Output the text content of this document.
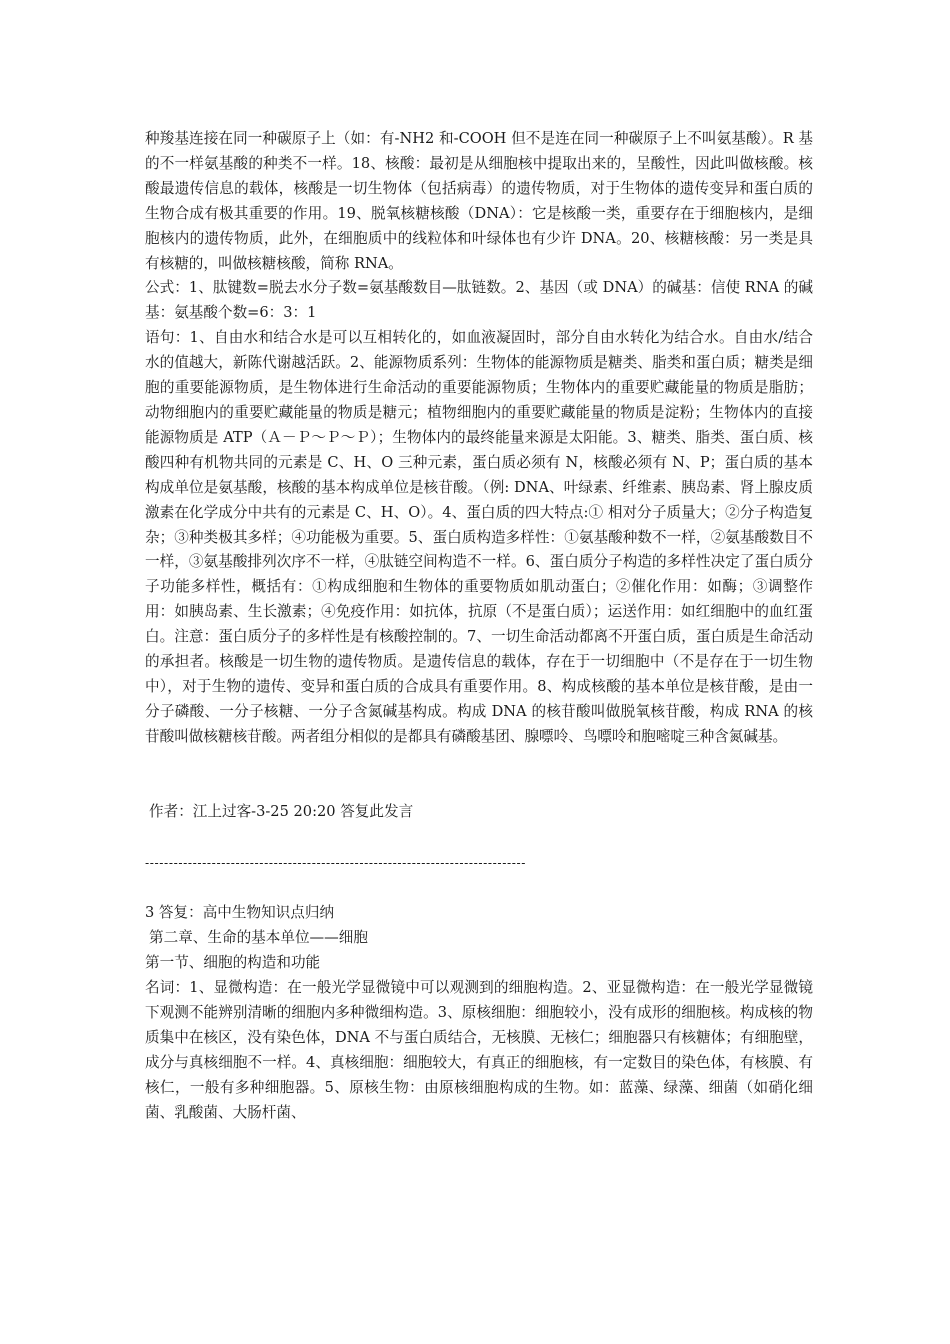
种羧基连接在同一种碳原子上（如：有-NH2 和-COOH 但不是连在同一种碳原子上不叫氨基酸）。R 基的不一样氨基酸的种类不一样。18、核酸：最初是从细胞核中提取出来的，呈酸性，因此叫做核酸。核酸最遗传信息的载体，核酸是一切生物体（包括病毒）的遗传物质，对于生物体的遗传变异和蛋白质的生物合成有极其重要的作用。19、脱氧核糖核酸（DNA）：它是核酸一类，重要存在于细胞核内，是细胞核内的遗传物质，此外，在细胞质中的线粒体和叶绿体也有少许 DNA。20、核糖核酸：另一类是具有核糖的，叫做核糖核酸，简称 RNA。

公式：1、肽键数=脱去水分子数=氨基酸数目—肽链数。2、基因（或 DNA）的碱基：信使 RNA 的碱基：氨基酸个数=6：3：1

语句：1、自由水和结合水是可以互相转化的，如血液凝固时，部分自由水转化为结合水。自由水/结合水的值越大，新陈代谢越活跃。2、能源物质系列：生物体的能源物质是糖类、脂类和蛋白质；糖类是细胞的重要能源物质，是生物体进行生命活动的重要能源物质；生物体内的重要贮藏能量的物质是脂肪；动物细胞内的重要贮藏能量的物质是糖元；植物细胞内的重要贮藏能量的物质是淀粉；生物体内的直接能源物质是 ATP（Ａ－Ｐ～Ｐ～Ｐ）；生物体内的最终能量来源是太阳能。3、糖类、脂类、蛋白质、核酸四种有机物共同的元素是 C、H、O 三种元素，蛋白质必须有 N，核酸必须有 N、P；蛋白质的基本构成单位是氨基酸，核酸的基本构成单位是核苷酸。（例: DNA、叶绿素、纤维素、胰岛素、肾上腺皮质激素在化学成分中共有的元素是 C、H、O）。4、蛋白质的四大特点:① 相对分子质量大；②分子构造复杂；③种类极其多样；④功能极为重要。5、蛋白质构造多样性：①氨基酸种数不一样，②氨基酸数目不一样，③氨基酸排列次序不一样，④肽链空间构造不一样。6、蛋白质分子构造的多样性决定了蛋白质分子功能多样性，概括有：①构成细胞和生物体的重要物质如肌动蛋白；②催化作用：如酶；③调整作用：如胰岛素、生长激素；④免疫作用：如抗体，抗原（不是蛋白质）；运送作用：如红细胞中的血红蛋白。注意：蛋白质分子的多样性是有核酸控制的。7、一切生命活动都离不开蛋白质，蛋白质是生命活动的承担者。核酸是一切生物的遗传物质。是遗传信息的载体，存在于一切细胞中（不是存在于一切生物中），对于生物的遗传、变异和蛋白质的合成具有重要作用。8、构成核酸的基本单位是核苷酸，是由一分子磷酸、一分子核糖、一分子含氮碱基构成。构成 DNA 的核苷酸叫做脱氧核苷酸，构成 RNA 的核苷酸叫做核糖核苷酸。两者组分相似的是都具有磷酸基团、腺嘌呤、鸟嘌呤和胞嘧啶三种含氮碱基。

作者：江上过客-3-25 20:20 答复此发言

--------------------------------------------------------------------------------

3 答复：高中生物知识点归纳

第二章、生命的基本单位——细胞

第一节、细胞的构造和功能

名词：1、显微构造：在一般光学显微镜中可以观测到的细胞构造。2、亚显微构造：在一般光学显微镜下观测不能辨别清晰的细胞内多种微细构造。3、原核细胞：细胞较小，没有成形的细胞核。构成核的物质集中在核区，没有染色体，DNA 不与蛋白质结合，无核膜、无核仁；细胞器只有核糖体；有细胞壁，成分与真核细胞不一样。4、真核细胞：细胞较大，有真正的细胞核，有一定数目的染色体，有核膜、有核仁，一般有多种细胞器。5、原核生物：由原核细胞构成的生物。如：蓝藻、绿藻、细菌（如硝化细菌、乳酸菌、大肠杆菌、
